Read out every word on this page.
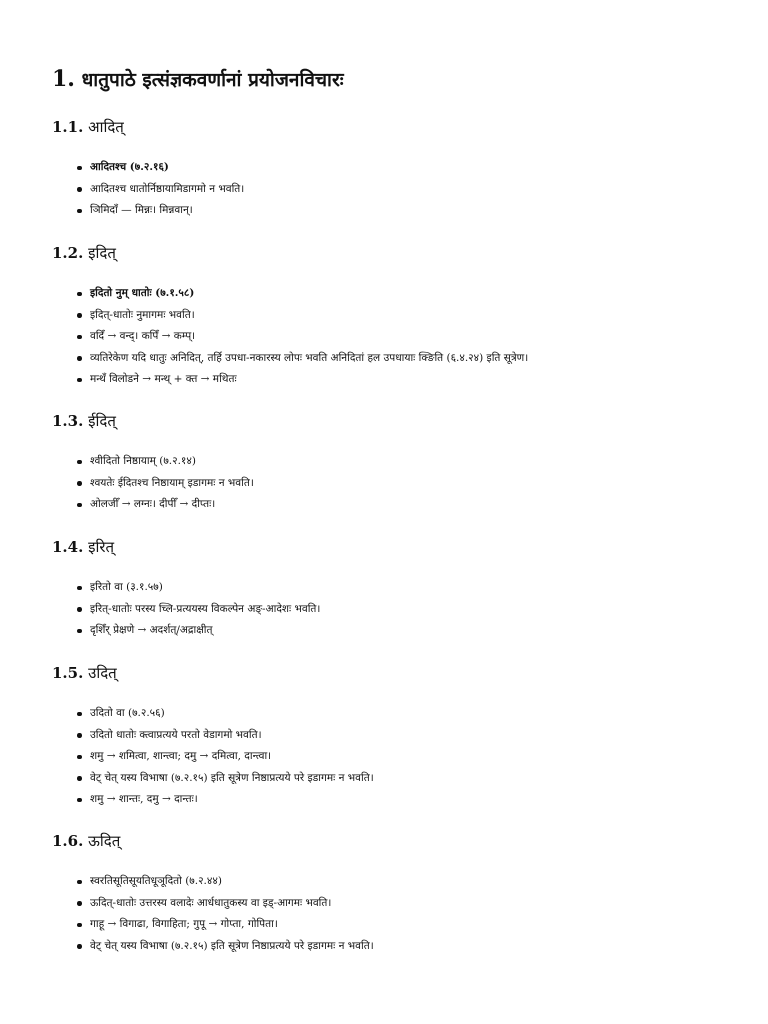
1. धातुपाठे इत्संज्ञकवर्णानां प्रयोजनविचारः
1.1. आदित्
आदितश्च (७.२.१६)
आदितश्च धातोर्निष्ठायामिडागमो न भवति।
ञिमिदाँ — मिन्नः। मिन्नवान्।
1.2. इदित्
इदितो नुम् धातोः (७.१.५८)
इदित्-धातोः नुमागमः भवति।
वदिँ → वन्द्। कपिँ → कम्प्।
व्यतिरेकेण यदि धातुः अनिदित्, तर्हि उपधा-नकारस्य लोपः भवति अनिदितां हल उपधायाः क्ङिति (६.४.२४) इति सूत्रेण।
मन्थँ विलोडने → मन्थ् + क्त → मथितः
1.3. ईदित्
श्वीदितो निष्ठायाम् (७.२.१४)
श्वयतेः ईदितश्च निष्ठायाम् इडागमः न भवति।
ओलजीँ → लग्नः। दीपीँ → दीप्तः।
1.4. इरित्
इरितो वा (३.१.५७)
इरित्-धातोः परस्य च्लि-प्रत्ययस्य विकल्पेन अङ्-आदेशः भवति।
दृशिँर् प्रेक्षणे → अदर्शत्/अद्राक्षीत्
1.5. उदित्
उदितो वा (७.२.५६)
उदितो धातोः क्त्वाप्रत्यये परतो वेडागमो भवति।
शमु → शमित्वा, शान्त्वा; दमु → दमित्वा, दान्त्वा।
वेट् चेत् यस्य विभाषा (७.२.१५) इति सूत्रेण निष्ठाप्रत्यये परे इडागमः न भवति।
शमु → शान्तः, दमु → दान्तः।
1.6. ऊदित्
स्वरतिसूतिसूयतिधूञूदितो (७.२.४४)
ऊदित्-धातोः उत्तरस्य वलादेः आर्धधातुकस्य वा इड्-आगमः भवति।
गाहू → विगाढा, विगाहिता; गुपू → गोप्ता, गोपिता।
वेट् चेत् यस्य विभाषा (७.२.१५) इति सूत्रेण निष्ठाप्रत्यये परे इडागमः न भवति।
